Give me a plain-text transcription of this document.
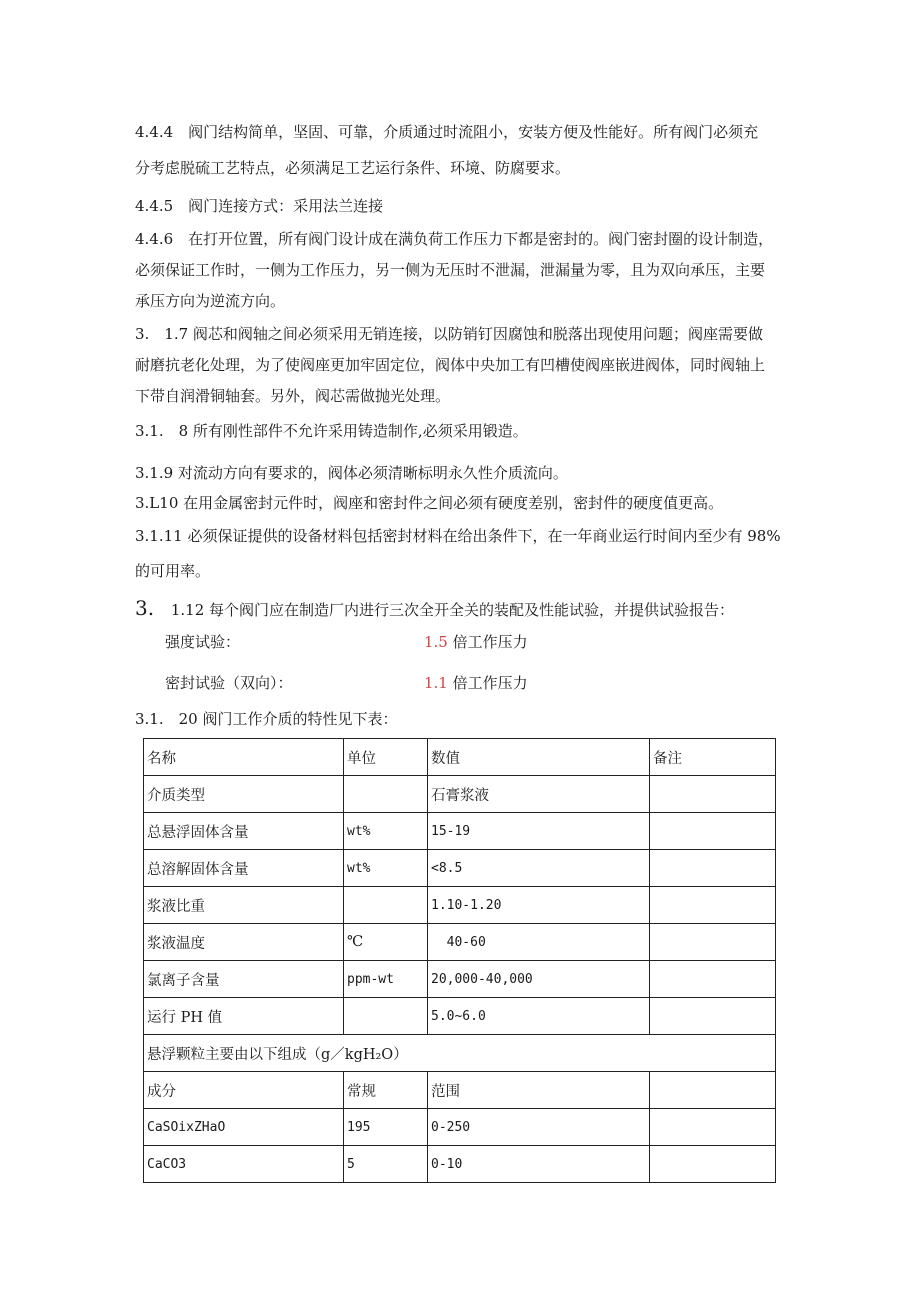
4.4.4　阀门结构简单，坚固、可靠，介质通过时流阻小，安装方便及性能好。所有阀门必须充
分考虑脱硫工艺特点，必须满足工艺运行条件、环境、防腐要求。
4.4.5　阀门连接方式：采用法兰连接
4.4.6　在打开位置，所有阀门设计成在满负荷工作压力下都是密封的。阀门密封圈的设计制造，
必须保证工作时，一侧为工作压力，另一侧为无压时不泄漏，泄漏量为零，且为双向承压，主要
承压方向为逆流方向。
3.　1.7 阀芯和阀轴之间必须采用无销连接，以防销钉因腐蚀和脱落出现使用问题；阀座需要做
耐磨抗老化处理，为了使阀座更加牢固定位，阀体中央加工有凹槽使阀座嵌进阀体，同时阀轴上
下带自润滑铜轴套。另外，阀芯需做抛光处理。
3.1.　8 所有刚性部件不允许采用铸造制作,必须采用锻造。
3.1.9 对流动方向有要求的，阀体必须清晰标明永久性介质流向。
3.L10 在用金属密封元件时，阀座和密封件之间必须有硬度差别，密封件的硬度值更高。
3.1.11 必须保证提供的设备材料包括密封材料在给出条件下，在一年商业运行时间内至少有 98%
的可用率。
3. 1.12 每个阀门应在制造厂内进行三次全开全关的装配及性能试验，并提供试验报告：
强度试验：	1.5 倍工作压力
密封试验（双向）：	1.1 倍工作压力
3.1.　20 阀门工作介质的特性见下表：
名称	单位	数值	备注
介质类型		石膏浆液	
总悬浮固体含量	wt%	15-19	
总溶解固体含量	wt%	<8.5	
浆液比重		1.10-1.20	
浆液温度	℃	40-60	
氯离子含量	ppm-wt	20,000-40,000	
运行 PH 值		5.0~6.0	
悬浮颗粒主要由以下组成（g／kgH₂O）			
成分	常规	范围	
CaSOixZHaO	195	0-250	
CaCO3	5	0-10	
